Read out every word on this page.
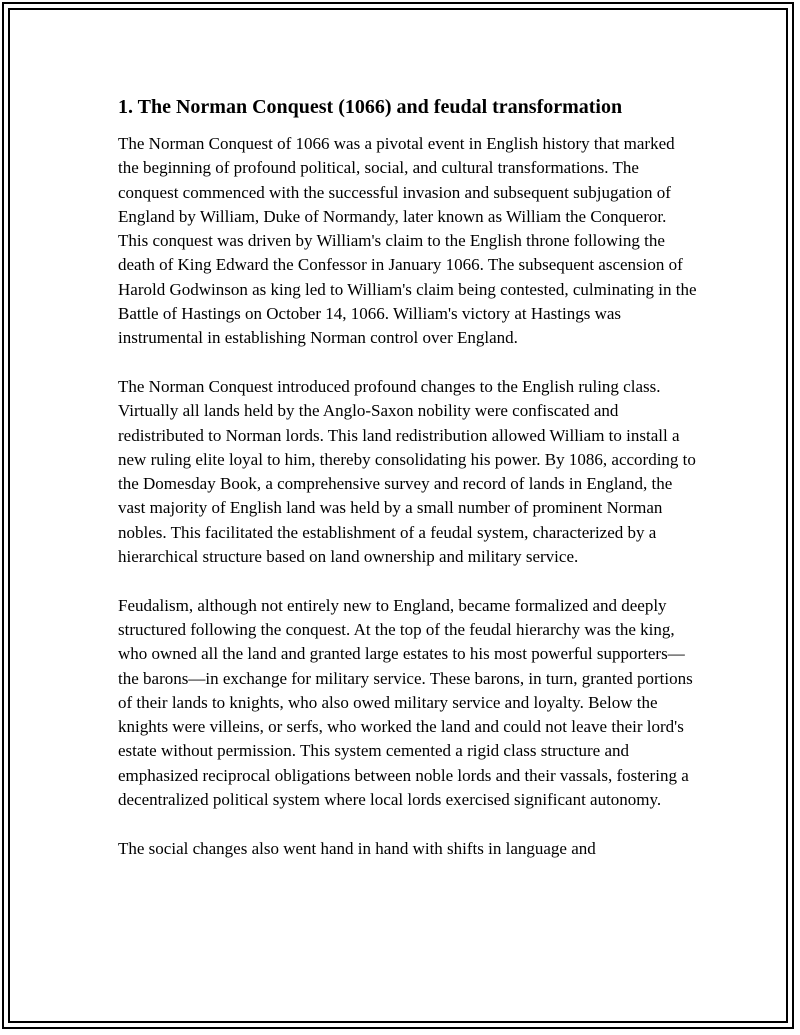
1. The Norman Conquest (1066) and feudal transformation

The Norman Conquest of 1066 was a pivotal event in English history that marked the beginning of profound political, social, and cultural transformations. The conquest commenced with the successful invasion and subsequent subjugation of England by William, Duke of Normandy, later known as William the Conqueror. This conquest was driven by William's claim to the English throne following the death of King Edward the Confessor in January 1066. The subsequent ascension of Harold Godwinson as king led to William's claim being contested, culminating in the Battle of Hastings on October 14, 1066. William's victory at Hastings was instrumental in establishing Norman control over England.

The Norman Conquest introduced profound changes to the English ruling class. Virtually all lands held by the Anglo-Saxon nobility were confiscated and redistributed to Norman lords. This land redistribution allowed William to install a new ruling elite loyal to him, thereby consolidating his power. By 1086, according to the Domesday Book, a comprehensive survey and record of lands in England, the vast majority of English land was held by a small number of prominent Norman nobles. This facilitated the establishment of a feudal system, characterized by a hierarchical structure based on land ownership and military service.

Feudalism, although not entirely new to England, became formalized and deeply structured following the conquest. At the top of the feudal hierarchy was the king, who owned all the land and granted large estates to his most powerful supporters—the barons—in exchange for military service. These barons, in turn, granted portions of their lands to knights, who also owed military service and loyalty. Below the knights were villeins, or serfs, who worked the land and could not leave their lord's estate without permission. This system cemented a rigid class structure and emphasized reciprocal obligations between noble lords and their vassals, fostering a decentralized political system where local lords exercised significant autonomy.

The social changes also went hand in hand with shifts in language and
